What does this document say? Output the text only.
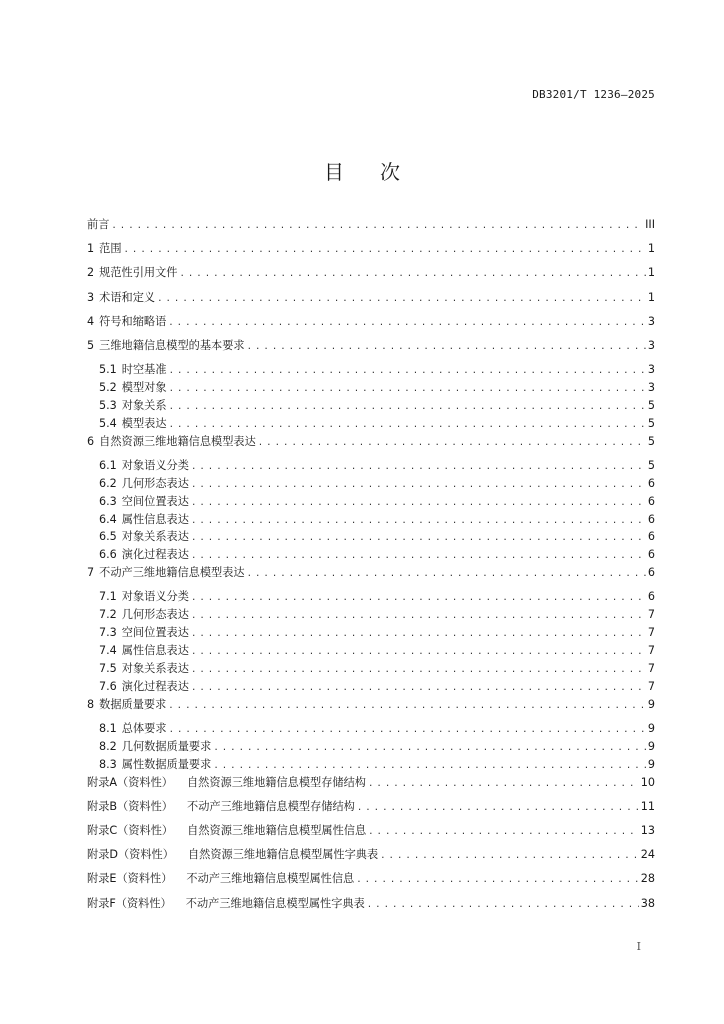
DB3201/T 1236—2025
目 次
前言 .....	III
1 范围 .....	1
2 规范性引用文件 .....	1
3 术语和定义 .....	1
4 符号和缩略语 .....	3
5 三维地籍信息模型的基本要求 .....	3
5.1 时空基准 .....	3
5.2 模型对象 .....	3
5.3 对象关系 .....	5
5.4 模型表达 .....	5
6 自然资源三维地籍信息模型表达 .....	5
6.1 对象语义分类 .....	5
6.2 几何形态表达 .....	6
6.3 空间位置表达 .....	6
6.4 属性信息表达 .....	6
6.5 对象关系表达 .....	6
6.6 演化过程表达 .....	6
7 不动产三维地籍信息模型表达 .....	6
7.1 对象语义分类 .....	6
7.2 几何形态表达 .....	7
7.3 空间位置表达 .....	7
7.4 属性信息表达 .....	7
7.5 对象关系表达 .....	7
7.6 演化过程表达 .....	7
8 数据质量要求 .....	9
8.1 总体要求 .....	9
8.2 几何数据质量要求 .....	9
8.3 属性数据质量要求 .....	9
附录A（资料性） 自然资源三维地籍信息模型存储结构 .....	10
附录B（资料性） 不动产三维地籍信息模型存储结构 .....	11
附录C（资料性） 自然资源三维地籍信息模型属性信息 .....	13
附录D（资料性） 自然资源三维地籍信息模型属性字典表 .....	24
附录E（资料性） 不动产三维地籍信息模型属性信息 .....	28
附录F（资料性） 不动产三维地籍信息模型属性字典表 .....	38
I
